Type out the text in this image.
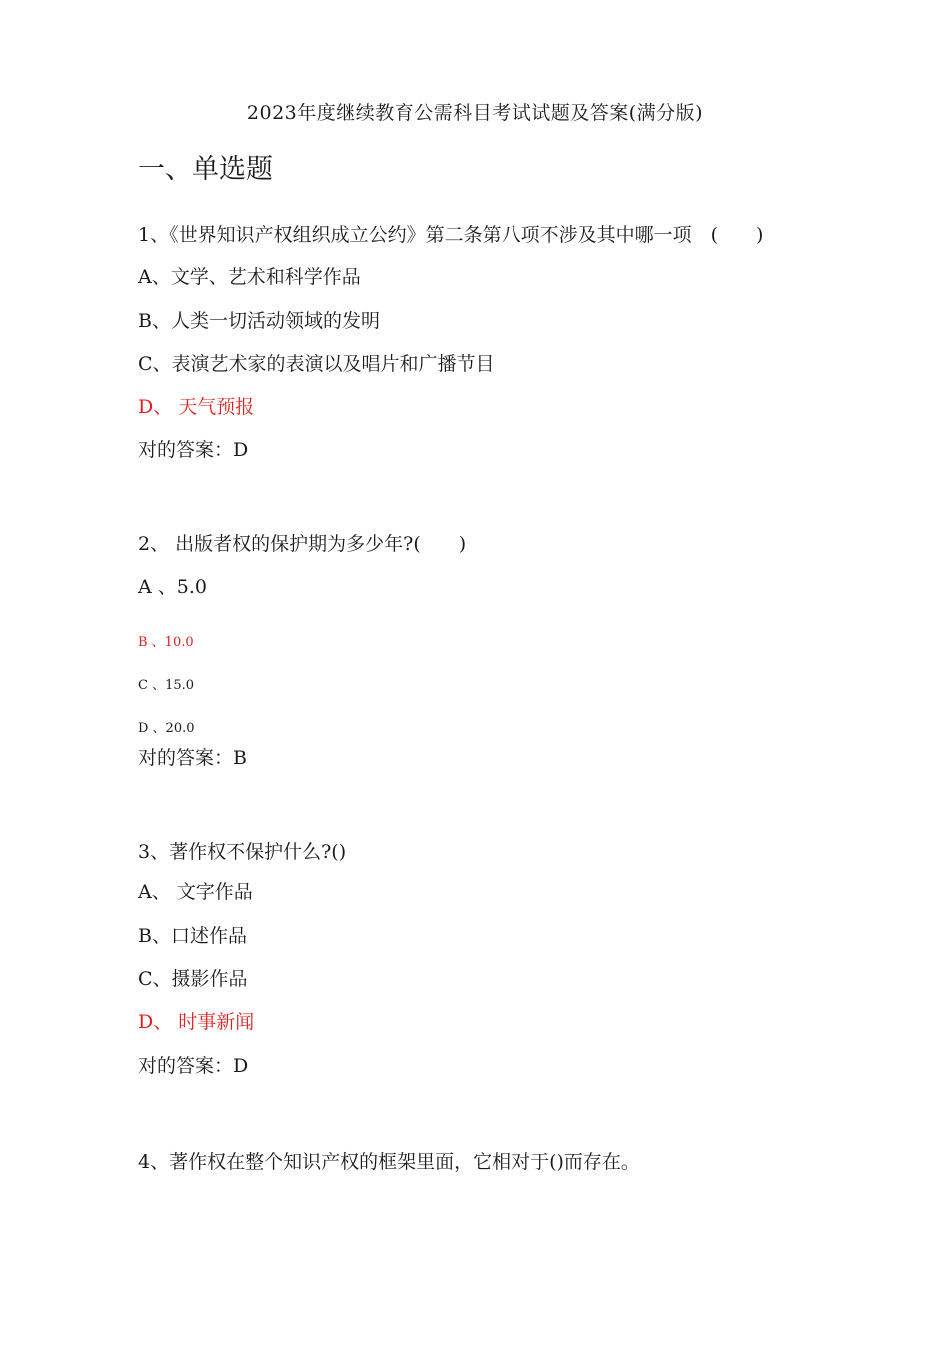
2023年度继续教育公需科目考试试题及答案(满分版)
一、单选题
1、《世界知识产权组织成立公约》第二条第八项不涉及其中哪一项　(　　)
A、文学、艺术和科学作品
B、人类一切活动领域的发明
C、表演艺术家的表演以及唱片和广播节目
D、 天气预报
对的答案：D
2、 出版者权的保护期为多少年?(　　)
A 、5.0
B 、10.0
C 、15.0
D 、20.0
对的答案：B
3、著作权不保护什么?()
A、 文字作品
B、口述作品
C、摄影作品
D、 时事新闻
对的答案：D
4、著作权在整个知识产权的框架里面，它相对于()而存在。
